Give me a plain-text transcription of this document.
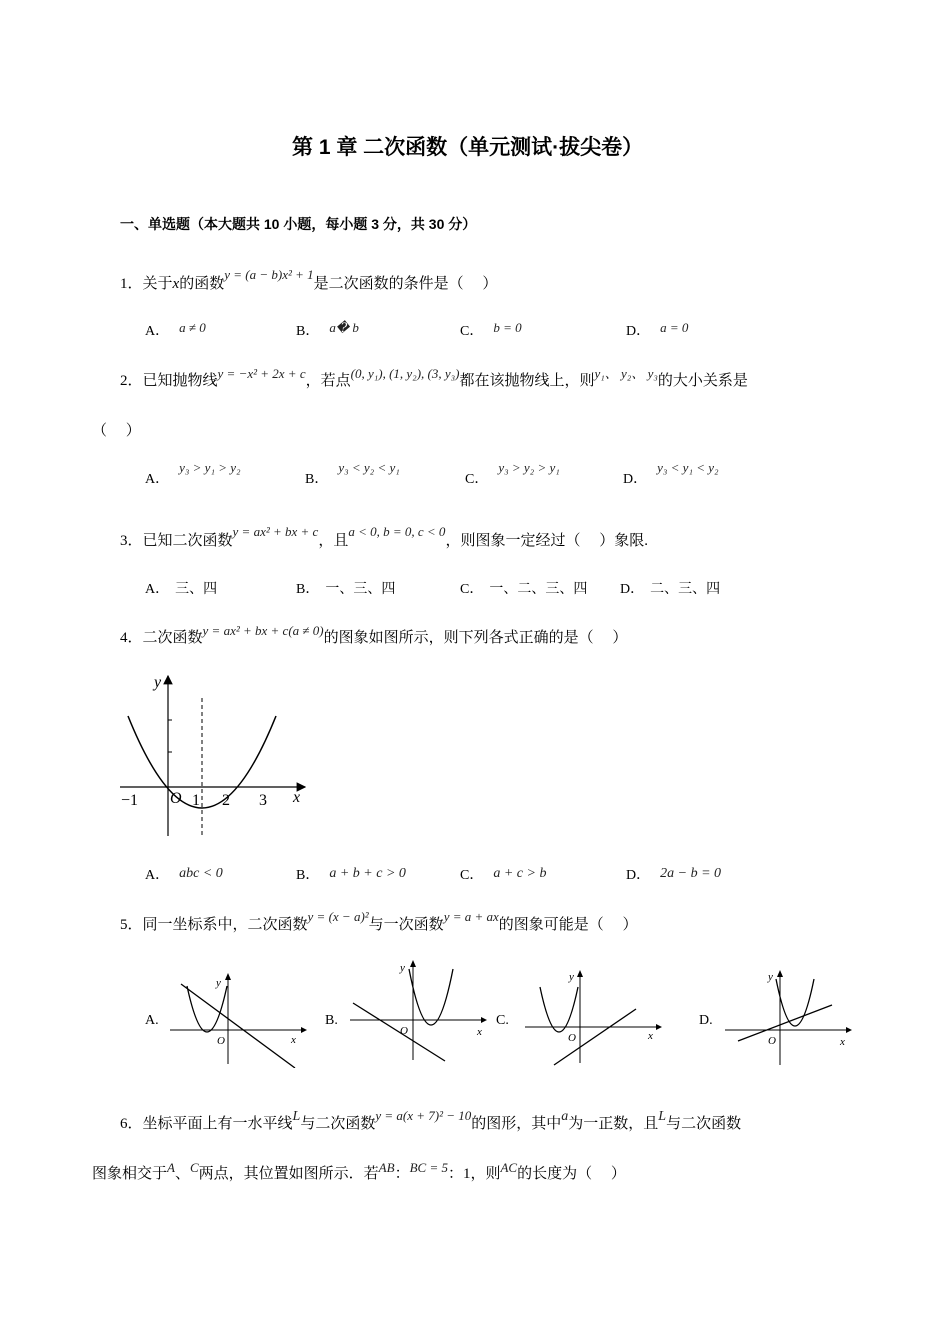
第 1 章 二次函数（单元测试·拔尖卷）
一、单选题（本大题共 10 小题，每小题 3 分，共 30 分）
1．关于x的函数y = (a − b)x² + 1是二次函数的条件是（　 ）
A． a ≠ 0	B． a� b	C． b = 0	D． a = 0
2．已知抛物线y = −x² + 2x + c，若点(0, y₁), (1, y₂), (3, y₃)都在该抛物线上，则y₁、 y₂、 y₃的大小关系是
（　 ）
A．y₃ > y₁ > y₂
B．y₃ < y₂ < y₁
C．y₃ > y₂ > y₁
D．y₃ < y₁ < y₂
3．已知二次函数y = ax² + bx + c，且a < 0, b = 0, c < 0，则图象一定经过（　 ）象限.
A． 三、四	B． 一、三、四	C． 一、二、三、四 D． 二、三、四
4．二次函数y = ax² + bx + c(a ≠ 0)的图象如图所示，则下列各式正确的是（　 ）
y
x
O
−1	1 2 3
A． abc < 0	B． a + b + c > 0	C． a + c > b	D． 2a − b = 0
5．同一坐标系中，二次函数y = (x − a)²与一次函数y = a + ax的图象可能是（　 ）
A.
y
x
O
B.
y
x
O
C.
y
x
O
D.
y
x
O
6．坐标平面上有一水平线L与二次函数y = a(x + 7)² − 10的图形，其中a为一正数，且L与二次函数
图象相交于A、C两点，其位置如图所示．若AB：BC = 5：1，则AC的长度为（　 ）
